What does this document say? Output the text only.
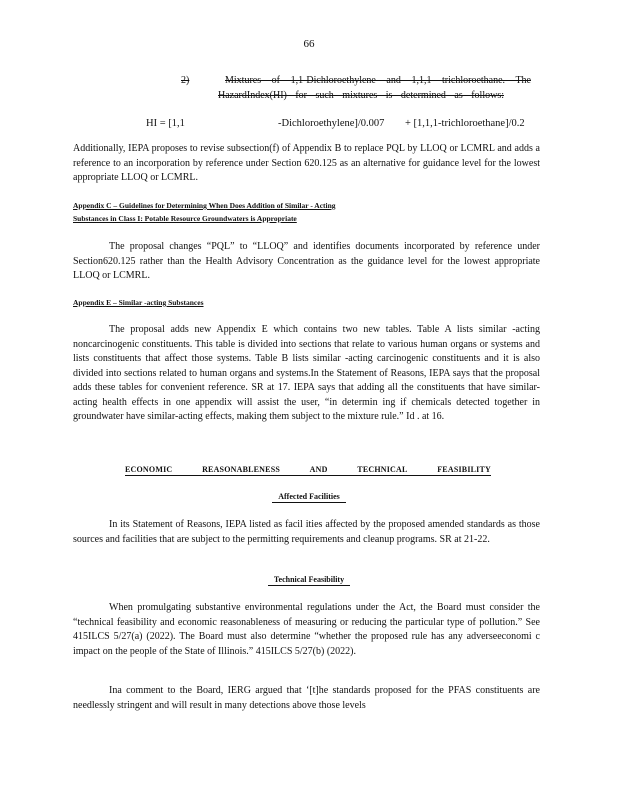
66
2)	Mixtures of 1,1-Dichloroethylene and 1,1,1 trichloroethane. The
HazardIndex(HI) for such mixtures is determined as follows:
HI = [1,1	-Dichloroethylene]/0.007 + [1,1,1-trichloroethane]/0.2

Additionally, IEPA proposes to revise subsection(f) of Appendix B to replace PQL by LLOQ or LCMRL and adds a reference to an incorporation by reference under Section 620.125 as an alternative for guidance level for the lowest appropriate LLOQ or LCMRL.

Appendix C – Guidelines for Determining When Does Addition of Similar - Acting
Substances in Class I: Potable Resource Groundwaters is Appropriate

The proposal changes “PQL” to “LLOQ” and identifies documents incorporated by reference under Section620.125 rather than the Health Advisory Concentration as the guidance level for the lowest appropriate LLOQ or LCMRL.

Appendix E – Similar -acting Substances

The proposal adds new Appendix E which contains two new tables. Table A lists similar -acting noncarcinogenic constituents. This table is divided into sections that relate to various human organs or systems and lists constituents that affect those systems. Table B lists similar -acting carcinogenic constituents and it is also divided into sections related to human organs and systems.In the Statement of Reasons, IEPA says that the proposal adds these tables for convenient reference. SR at 17. IEPA says that adding all the constituents that have similar-acting health effects in one appendix will assist the user, “in determin ing if chemicals detected together in groundwater have similar-acting effects, making them subject to the mixture rule.” Id . at 16.

ECONOMIC	REASONABLENESS	AND	TECHNICAL	FEASIBILITY
Affected Facilities

In its Statement of Reasons, IEPA listed as facil ities affected by the proposed amended standards as those sources and facilities that are subject to the permitting requirements and cleanup programs. SR at 21-22.

Technical Feasibility

When promulgating substantive environmental regulations under the Act, the Board must consider the “technical feasibility and economic reasonableness of measuring or reducing the particular type of pollution.” See 415ILCS 5/27(a) (2022). The Board must also determine “whether the proposed rule has any adverseeconomi c impact on the people of the State of Illinois.” 415ILCS 5/27(b) (2022).

Ina comment to the Board, IERG argued that ‘[t]he standards proposed for the PFAS constituents are needlessly stringent and will result in many detections above those levels
